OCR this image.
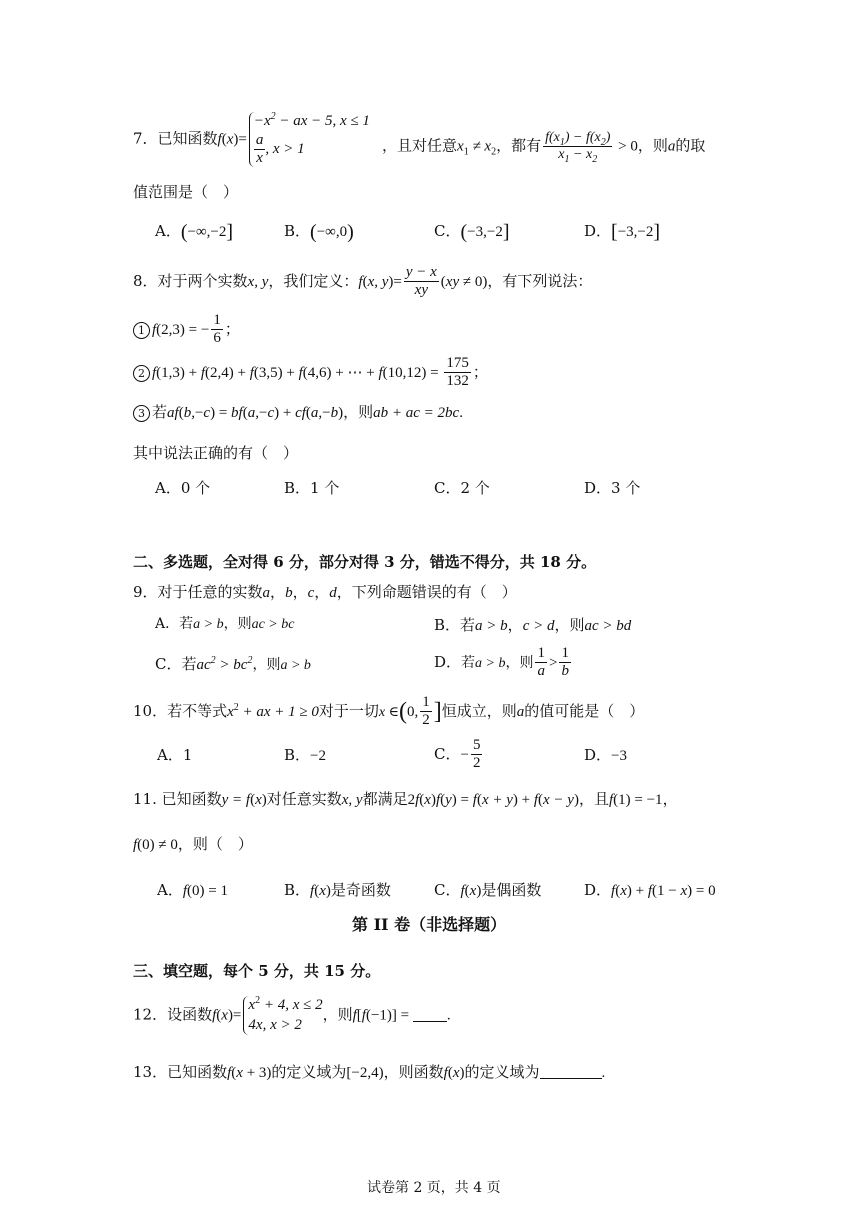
7．已知函数f(x)=
$-x^2$ − ax − 5, x ≤ 1
$\frac{a}{x}$ , x > 1	，且对任意$x_1 \ne x_2$，都有 $\frac{f(x_1) - f(x_2)}{x_1 - x_2} > 0$，则a的取
值范围是（　）
A．(−∞,−2]	B．(−∞,0)	C．(−3,−2]	D．[−3,−2]
8．对于两个实数x, y，我们定义：f(x, $y)= \frac{y - x}{xy} (xy \ne 0)$，有下列说法：
1 f(2,3) = − $\frac{1}{6}$ ；
2 f(1,3) + f(2,4) + f(3,5) + f(4,6) + ⋯ + $f(10,12) = \frac{175}{132}$ ；
3 若af(b,−c) = bf(a,−c) + cf(a,−b)，则ab + ac = 2bc.
其中说法正确的有（　）
A．0 个	B．1 个	C．2 个	D．3 个
二、多选题，全对得 6 分，部分对得 3 分，错选不得分，共 18 分。
9．对于任意的实数a，b，c，d，下列命题错误的有（　）
A．若a > b，则ac > bc	B．若a > b，c > d，则ac > bd
C．若$ac^2 > bc^2$，则a > b	D．若a > b，则 $\frac{1}{a} > \frac{1}{b}$
10．若不等式$x^2$ + ax + 1 ≥ 0对于一切x ∈(0, $\frac{1}{2}$ ]恒成立，则a的值可能是（　）
A．1	B．−2	C．− $\frac{5}{2}$	D．−3
11. 已知函数y = f(x)对任意实数x, y都满足2f(x)f(y) = f(x + y) + f(x − y)，且f(1) = −1，
f(0) ≠ 0，则（　）
A．f(0) = 1	B．f(x)是奇函数	C．f(x)是偶函数	D．f(x) + f(1 − x) = 0
第 II 卷（非选择题）
三、填空题，每个 5 分，共 15 分。
12．设函数f(x)=
$x^2 + 4$, x ≤ 2
4x, x > 2
，则f[f(−1)] = .
13．已知函数f(x + 3)的定义域为[−2,4)，则函数f(x)的定义域为	.
试卷第 2 页，共 4 页
